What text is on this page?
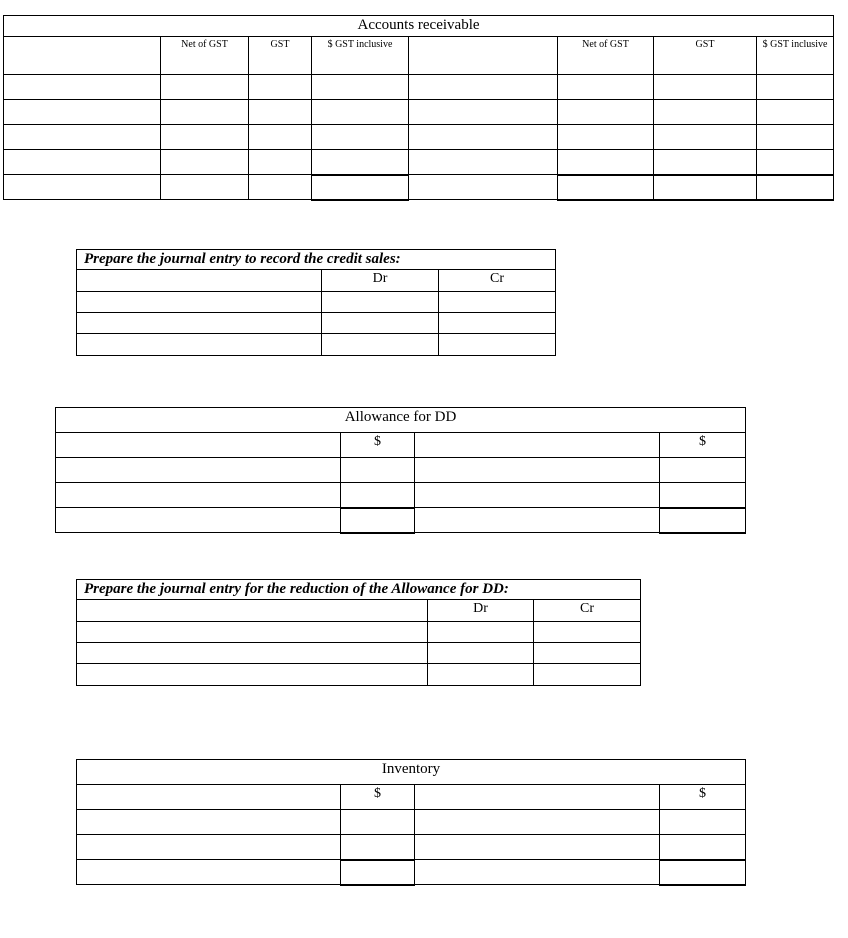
Accounts receivable							
	Net of GST	GST	$ GST inclusive		Net of GST	GST	$ GST inclusive

Prepare the journal entry to record the credit sales:		
	Dr	Cr

Allowance for DD			
	$		$

Prepare the journal entry for the reduction of the Allowance for DD:		
	Dr	Cr

Inventory			
	$		$
